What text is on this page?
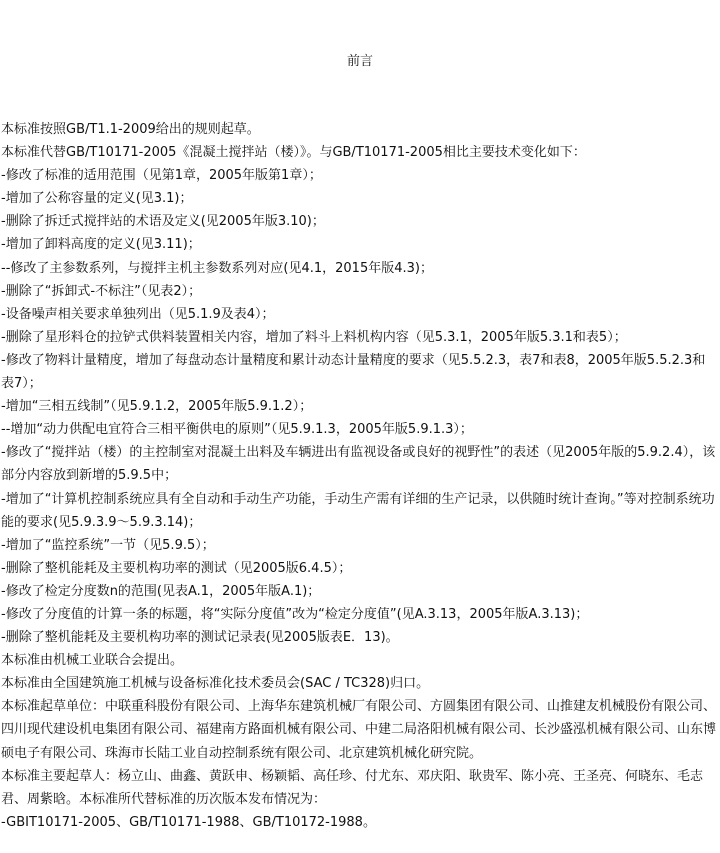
前言

本标准按照GB/T1.1-2009给出的规则起草。

本标准代替GB/T10171-2005《混凝土搅拌站（楼）》。与GB/T10171-2005相比主要技术变化如下：

-修改了标准的适用范围（见第1章，2005年版第1章）；

-增加了公称容量的定义(见3.1)；

-删除了拆迁式搅拌站的术语及定义(见2005年版3.10)；

-增加了卸料高度的定义(见3.11)；

--修改了主参数系列，与搅拌主机主参数系列对应(见4.1，2015年版4.3)；

-删除了“拆卸式-不标注”（见表2）；

-设备噪声相关要求单独列出（见5.1.9及表4）；

-删除了星形料仓的拉铲式供料装置相关内容，增加了料斗上料机构内容（见5.3.1，2005年版5.3.1和表5）；

-修改了物料计量精度，增加了每盘动态计量精度和累计动态计量精度的要求（见5.5.2.3，表7和表8，2005年版5.5.2.3和表7）；

-增加“三相五线制”（见5.9.1.2，2005年版5.9.1.2）；

--增加“动力供配电宜符合三相平衡供电的原则”（见5.9.1.3，2005年版5.9.1.3）；

-修改了“搅拌站（楼）的主控制室对混凝土出料及车辆进出有监视设备或良好的视野性”的表述（见2005年版的5.9.2.4），该部分内容放到新增的5.9.5中；

-增加了“计算机控制系统应具有全自动和手动生产功能，手动生产需有详细的生产记录，以供随时统计查询。”等对控制系统功能的要求(见5.9.3.9～5.9.3.14)；

-增加了“监控系统”一节（见5.9.5）；

-删除了整机能耗及主要机构功率的测试（见2005版6.4.5）；

-修改了检定分度数n的范围(见表A.1，2005年版A.1)；

-修改了分度值的计算一条的标题，将“实际分度值”改为“检定分度值”(见A.3.13，2005年版A.3.13)；

-删除了整机能耗及主要机构功率的测试记录表(见2005版表E．13)。

本标准由机械工业联合会提出。

本标准由全国建筑施工机械与设备标准化技术委员会(SAC / TC328)归口。

本标准起草单位：中联重科股份有限公司、上海华东建筑机械厂有限公司、方圆集团有限公司、山推建友机械股份有限公司、四川现代建设机电集团有限公司、福建南方路面机械有限公司、中建二局洛阳机械有限公司、长沙盛泓机械有限公司、山东博硕电子有限公司、珠海市长陆工业自动控制系统有限公司、北京建筑机械化研究院。

本标准主要起草人：杨立山、曲鑫、黄跃申、杨颖韬、高任珍、付尤东、邓庆阳、耿贵军、陈小亮、王圣亮、何晓东、毛志君、周紫晗。本标准所代替标准的历次版本发布情况为：

-GBIT10171-2005、GB/T10171-1988、GB/T10172-1988。
